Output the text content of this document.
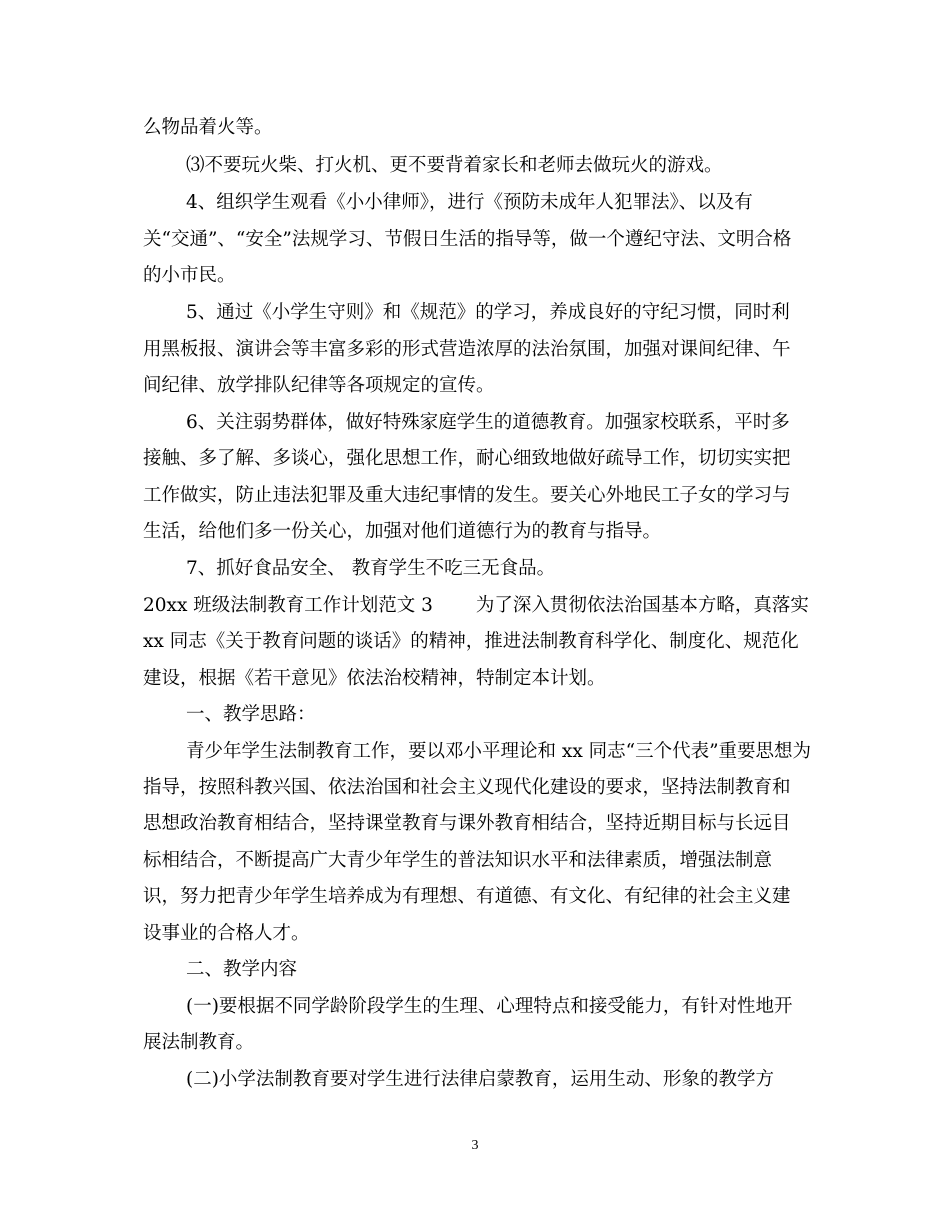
么物品着火等。
⑶不要玩火柴、打火机、更不要背着家长和老师去做玩火的游戏。
4、组织学生观看《小小律师》，进行《预防未成年人犯罪法》、以及有
关“交通”、“安全”法规学习、节假日生活的指导等，做一个遵纪守法、文明合格
的小市民。
5、通过《小学生守则》和《规范》的学习，养成良好的守纪习惯，同时利
用黑板报、演讲会等丰富多彩的形式营造浓厚的法治氛围，加强对课间纪律、午
间纪律、放学排队纪律等各项规定的宣传。
6、关注弱势群体，做好特殊家庭学生的道德教育。加强家校联系，平时多
接触、多了解、多谈心，强化思想工作，耐心细致地做好疏导工作，切切实实把
工作做实，防止违法犯罪及重大违纪事情的发生。要关心外地民工子女的学习与
生活，给他们多一份关心，加强对他们道德行为的教育与指导。
7、抓好食品安全、 教育学生不吃三无食品。
20xx 班级法制教育工作计划范文 3　　 为了深入贯彻依法治国基本方略，真落实
xx 同志《关于教育问题的谈话》的精神，推进法制教育科学化、制度化、规范化
建设，根据《若干意见》依法治校精神，特制定本计划。
一、教学思路：
青少年学生法制教育工作，要以邓小平理论和 xx 同志“三个代表”重要思想为
指导，按照科教兴国、依法治国和社会主义现代化建设的要求，坚持法制教育和
思想政治教育相结合，坚持课堂教育与课外教育相结合，坚持近期目标与长远目
标相结合，不断提高广大青少年学生的普法知识水平和法律素质，增强法制意
识，努力把青少年学生培养成为有理想、有道德、有文化、有纪律的社会主义建
设事业的合格人才。
二、教学内容
(一)要根据不同学龄阶段学生的生理、心理特点和接受能力，有针对性地开
展法制教育。
(二)小学法制教育要对学生进行法律启蒙教育，运用生动、形象的教学方
3
